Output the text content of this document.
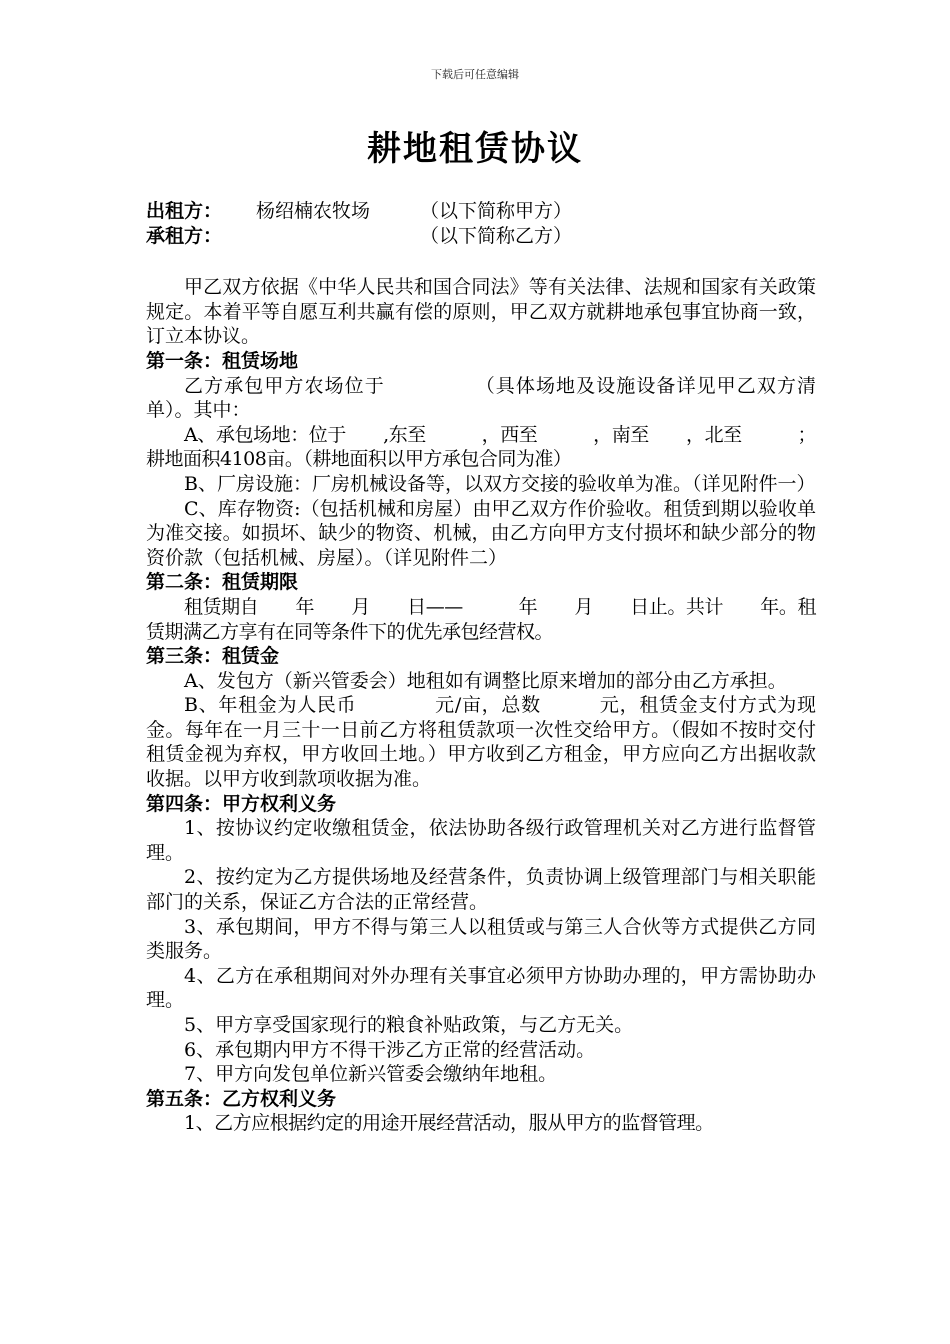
下载后可任意编辑
耕地租赁协议
出租方： 杨绍楠农牧场	（以下简称甲方）
承租方：	（以下简称乙方）

甲乙双方依据《中华人民共和国合同法》等有关法律、法规和国家有关政策规定。本着平等自愿互利共赢有偿的原则，甲乙双方就耕地承包事宜协商一致，订立本协议。

第一条：租赁场地

乙方承包甲方农场位于　　　　　（具体场地及设施设备详见甲乙双方清单）。其中：

A、承包场地：位于　　,东至　　　，西至　　　，南至　　，北至　　　；耕地面积4108亩。（耕地面积以甲方承包合同为准）

B、厂房设施：厂房机械设备等，以双方交接的验收单为准。（详见附件一）

C、库存物资:（包括机械和房屋）由甲乙双方作价验收。租赁到期以验收单为准交接。如损坏、缺少的物资、机械，由乙方向甲方支付损坏和缺少部分的物资价款（包括机械、房屋）。（详见附件二）

第二条：租赁期限

租赁期自　　年　　月　　日——　　　年　　月　　日止。共计　　年。租赁期满乙方享有在同等条件下的优先承包经营权。

第三条：租赁金

A、发包方（新兴管委会）地租如有调整比原来增加的部分由乙方承担。

B、年租金为人民币　　　　元/亩，总数　　　元，租赁金支付方式为现金。每年在一月三十一日前乙方将租赁款项一次性交给甲方。（假如不按时交付租赁金视为弃权，甲方收回土地。）甲方收到乙方租金，甲方应向乙方出据收款收据。以甲方收到款项收据为准。

第四条：甲方权利义务

1、按协议约定收缴租赁金，依法协助各级行政管理机关对乙方进行监督管理。

2、按约定为乙方提供场地及经营条件，负责协调上级管理部门与相关职能部门的关系，保证乙方合法的正常经营。

3、承包期间，甲方不得与第三人以租赁或与第三人合伙等方式提供乙方同类服务。

4、乙方在承租期间对外办理有关事宜必须甲方协助办理的，甲方需协助办理。

5、甲方享受国家现行的粮食补贴政策，与乙方无关。

6、承包期内甲方不得干涉乙方正常的经营活动。

7、甲方向发包单位新兴管委会缴纳年地租。

第五条：乙方权利义务

1、乙方应根据约定的用途开展经营活动，服从甲方的监督管理。
